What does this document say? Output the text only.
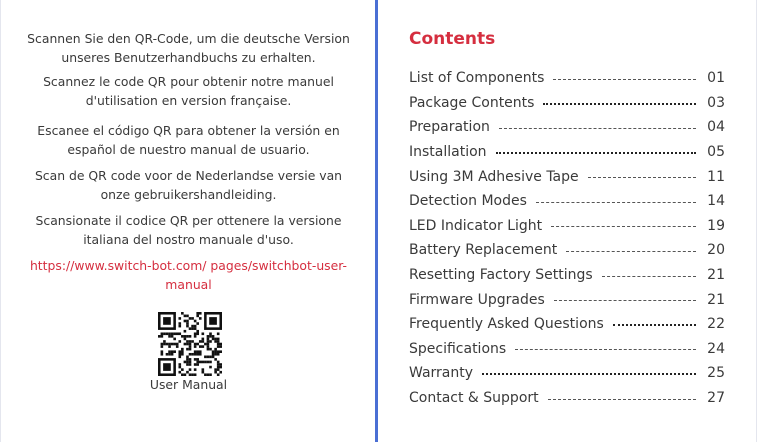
Scannen Sie den QR-Code, um die deutsche Version unseres Benutzerhandbuchs zu erhalten.
Scannez le code QR pour obtenir notre manuel d'utilisation en version française.
Escanee el código QR para obtener la versión en español de nuestro manual de usuario.
Scan de QR code voor de Nederlandse versie van onze gebruikershandleiding.
Scansionate il codice QR per ottenere la versione italiana del nostro manuale d'uso.
https://www.switch-bot.com/ pages/switchbot-user-manual
User Manual
Contents
List of Components	01
Package Contents	03
Preparation	04
Installation	05
Using 3M Adhesive Tape	11
Detection Modes	14
LED Indicator Light	19
Battery Replacement	20
Resetting Factory Settings	21
Firmware Upgrades	21
Frequently Asked Questions	22
Specifications	24
Warranty	25
Contact & Support	27
